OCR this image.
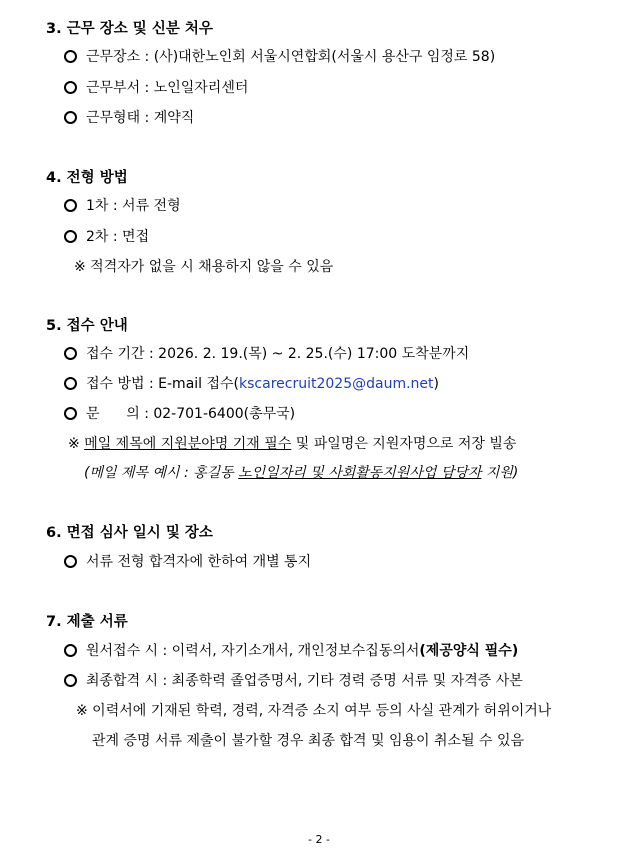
3. 근무 장소 및 신분 처우
근무장소 : (사)대한노인회 서울시연합회(서울시 용산구 임정로 58)
근무부서 : 노인일자리센터
근무형태 : 계약직
4. 전형 방법
1차 : 서류 전형
2차 : 면접
※ 적격자가 없을 시 채용하지 않을 수 있음
5. 접수 안내
접수 기간 : 2026. 2. 19.(목) ~ 2. 25.(수) 17:00 도착분까지
접수 방법 : E-mail 접수(kscarecruit2025@daum.net)
문      의 : 02-701-6400(총무국)
※ 메일 제목에 지원분야명 기재 필수 및 파일명은 지원자명으로 저장 빌송
(메일 제목 예시 : 홍길동 노인일자리 및 사회활동지원사업 담당자 지원)
6. 면접 심사 일시 및 장소
서류 전형 합격자에 한하여 개별 통지
7. 제출 서류
원서접수 시 : 이력서, 자기소개서, 개인정보수집동의서(제공양식 필수)
최종합격 시 : 최종학력 졸업증명서, 기타 경력 증명 서류 및 자격증 사본
※ 이력서에 기재된 학력, 경력, 자격증 소지 여부 등의 사실 관계가 허위이거나
관계 증명 서류 제출이 불가할 경우 최종 합격 및 임용이 취소될 수 있음
- 2 -
